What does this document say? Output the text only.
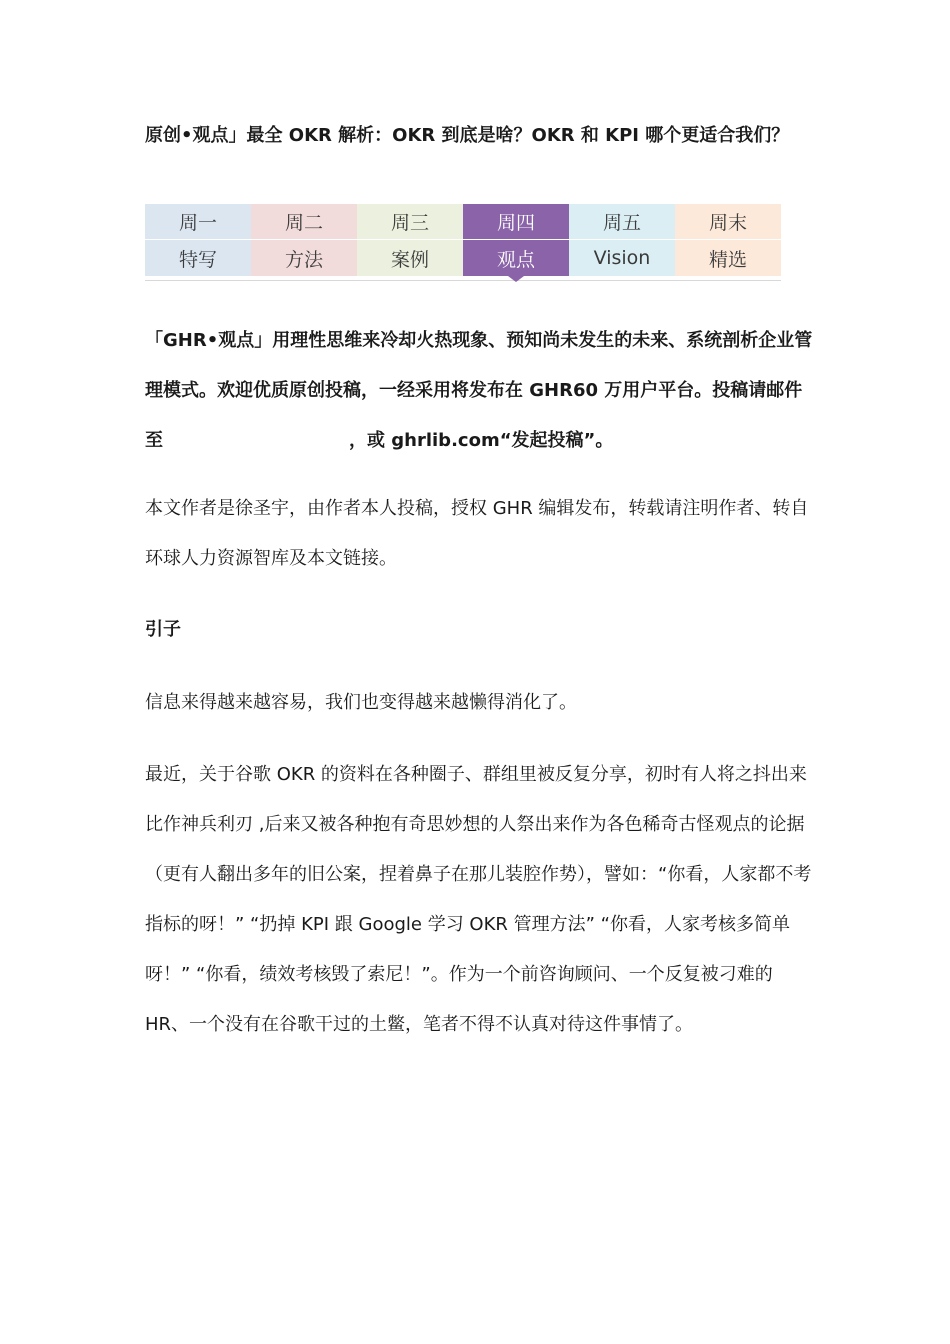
原创•观点」最全 OKR 解析：OKR 到底是啥？OKR 和 KPI 哪个更适合我们？
周一	周二	周三	周四	周五	周末
特写	方法	案例	观点	Vision	精选

「GHR•观点」用理性思维来冷却火热现象、预知尚未发生的未来、系统剖析企业管理模式。欢迎优质原创投稿，一经采用将发布在 GHR60 万用户平台。投稿请邮件至	，或 ghrlib.com“发起投稿”。

本文作者是徐圣宇，由作者本人投稿，授权 GHR 编辑发布，转载请注明作者、转自环球人力资源智库及本文链接。

引子

信息来得越来越容易，我们也变得越来越懒得消化了。

最近，关于谷歌 OKR 的资料在各种圈子、群组里被反复分享，初时有人将之抖出来比作神兵利刃 ,后来又被各种抱有奇思妙想的人祭出来作为各色稀奇古怪观点的论据（更有人翻出多年的旧公案，捏着鼻子在那儿装腔作势），譬如：“你看，人家都不考指标的呀！” “扔掉 KPI 跟 Google 学习 OKR 管理方法” “你看，人家考核多简单呀！” “你看，绩效考核毁了索尼！”。作为一个前咨询顾问、一个反复被刁难的 HR、一个没有在谷歌干过的土鳖，笔者不得不认真对待这件事情了。
